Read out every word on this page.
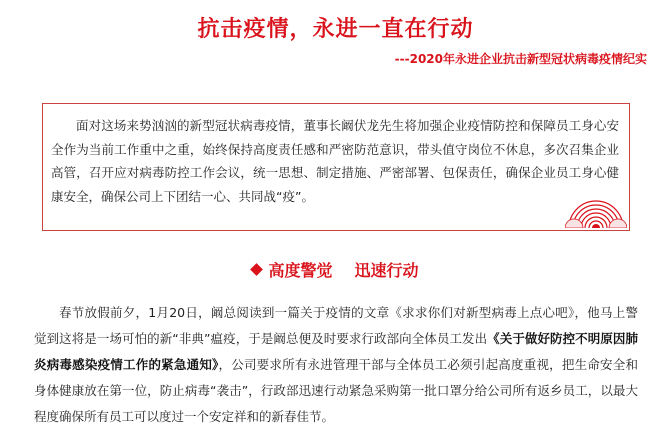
抗击疫情，永进一直在行动
---2020年永进企业抗击新型冠状病毒疫情纪实

面对这场来势汹汹的新型冠状病毒疫情，董事长阚伏龙先生将加强企业疫情防控和保障员工身心安全作为当前工作重中之重，始终保持高度责任感和严密防范意识，带头值守岗位不休息，多次召集企业高管，召开应对病毒防控工作会议，统一思想、制定措施、严密部署、包保责任，确保企业员工身心健康安全，确保公司上下团结一心、共同战“疫”。

高度警觉 迅速行动

春节放假前夕，1月20日，阚总阅读到一篇关于疫情的文章《求求你们对新型病毒上点心吧》，他马上警觉到这将是一场可怕的新“非典”瘟疫，于是阚总便及时要求行政部向全体员工发出《关于做好防控不明原因肺炎病毒感染疫情工作的紧急通知》，公司要求所有永进管理干部与全体员工必须引起高度重视，把生命安全和身体健康放在第一位，防止病毒“袭击”，行政部迅速行动紧急采购第一批口罩分给公司所有返乡员工，以最大程度确保所有员工可以度过一个安定祥和的新春佳节。
